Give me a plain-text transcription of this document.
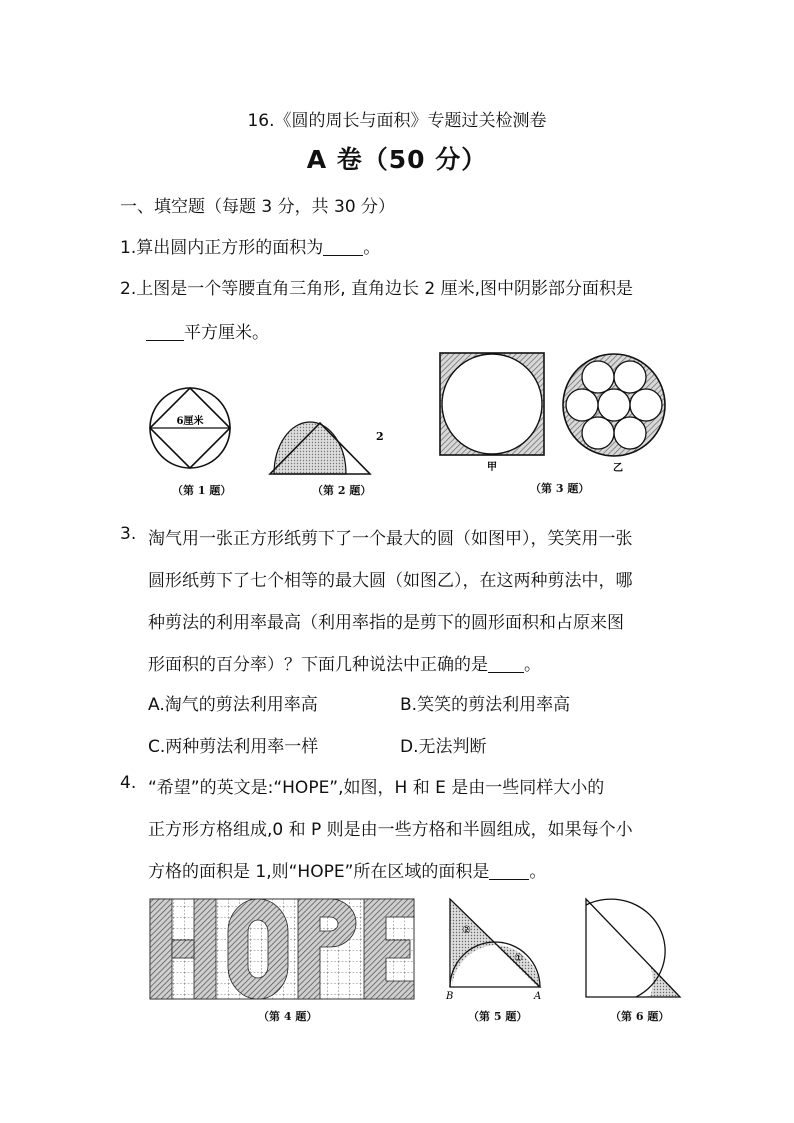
16.《圆的周长与面积》专题过关检测卷
A 卷（50 分）
一、填空题（每题 3 分，共 30 分）
1.算出圆内正方形的面积为 。
2.上图是一个等腰直角三角形, 直角边长 2 厘米,图中阴影部分面积是
平方厘米。
6厘米
2
甲	乙
（第 1 题）	（第 2 题）	（第 3 题）
3. 淘气用一张正方形纸剪下了一个最大的圆（如图甲），笑笑用一张
圆形纸剪下了七个相等的最大圆（如图乙），在这两种剪法中，哪
种剪法的利用率最高（利用率指的是剪下的圆形面积和占原来图
形面积的百分率）？下面几种说法中正确的是 。
A.淘气的剪法利用率高	B.笑笑的剪法利用率高
C.两种剪法利用率一样	D.无法判断
4. “希望”的英文是:“HOPE”,如图，H 和 E 是由一些同样大小的
正方形方格组成,0 和 P 则是由一些方格和半圆组成，如果每个小
方格的面积是 1,则“HOPE”所在区域的面积是 。
②
①
B	A
（第 4 题）	（第 5 题）	（第 6 题）
